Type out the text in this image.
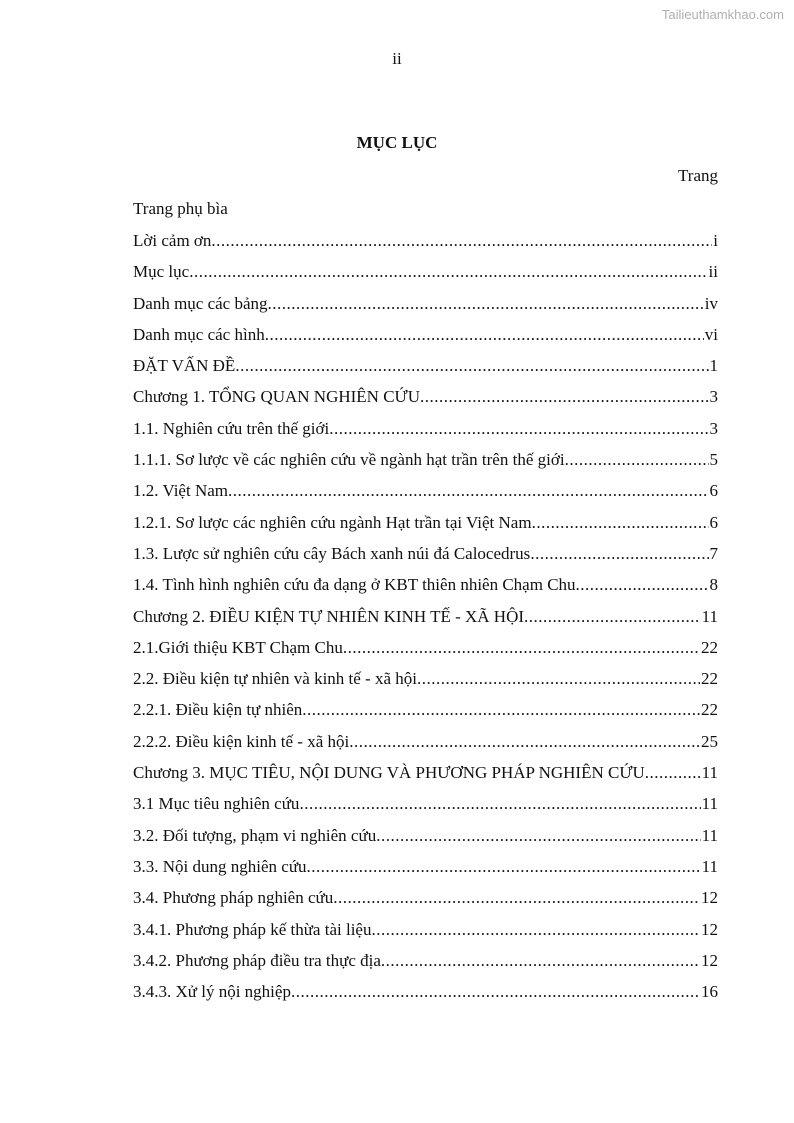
Tailieuthamkhao.com
ii
MỤC LỤC
Trang
Trang phụ bìa
Lời cảm ơn .....	i
Mục lục .....	ii
Danh mục các bảng .....	iv
Danh mục các hình .....	vi
ĐẶT VẤN ĐỀ .....	1
Chương 1. TỔNG QUAN NGHIÊN CỨU .....	3
1.1. Nghiên cứu trên thế giới .....	3
1.1.1. Sơ lược về các nghiên cứu về ngành hạt trần trên thế giới .....	5
1.2. Việt Nam .....	6
1.2.1. Sơ lược các nghiên cứu ngành Hạt trần tại Việt Nam .....	6
1.3. Lược sử nghiên cứu cây Bách xanh núi đá Calocedrus .....	7
1.4. Tình hình nghiên cứu đa dạng ở KBT thiên nhiên Chạm Chu .....	8
Chương 2. ĐIỀU KIỆN TỰ NHIÊN KINH TẾ - XÃ HỘI .....	11
2.1.Giới thiệu KBT Chạm Chu .....	22
2.2. Điều kiện tự nhiên và kinh tế - xã hội .....	22
2.2.1. Điều kiện tự nhiên .....	22
2.2.2. Điều kiện kinh tế - xã hội .....	25
Chương 3. MỤC TIÊU, NỘI DUNG VÀ PHƯƠNG PHÁP NGHIÊN CỨU .....	11
3.1 Mục tiêu nghiên cứu .....	11
3.2. Đối tượng, phạm vi nghiên cứu .....	11
3.3. Nội dung nghiên cứu .....	11
3.4. Phương pháp nghiên cứu .....	12
3.4.1. Phương pháp kế thừa tài liệu .....	12
3.4.2. Phương pháp điều tra thực địa .....	12
3.4.3. Xử lý nội nghiệp .....	16
